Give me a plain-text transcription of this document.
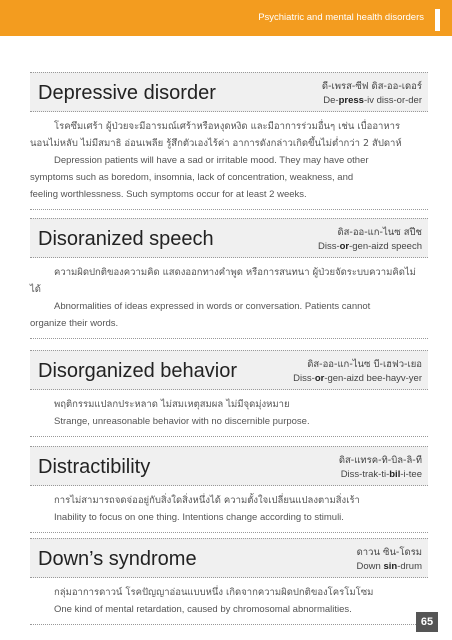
Psychiatric and mental health disorders
Depressive disorder	ดี-เพรส-ซีฟ ดิส-ออ-เดอร์
De-press-iv diss-or-der

โรคซึมเศร้า ผู้ป่วยจะมีอารมณ์เศร้าหรือหงุดหงิด และมีอาการร่วมอื่นๆ เช่น เบื่ออาหาร

นอนไม่หลับ ไม่มีสมาธิ อ่อนเพลีย รู้สึกตัวเองไร้ค่า อาการดังกล่าวเกิดขึ้นไม่ต่ำกว่า 2 สัปดาห์

Depression patients will have a sad or irritable mood. They may have other

symptoms such as boredom, insomnia, lack of concentration, weakness, and

feeling worthlessness. Such symptoms occur for at least 2 weeks.

Disoranized speech	ดิส-ออ-แก-ไนซ สปีช
Diss-or-gen-aizd speech

ความผิดปกติของความคิด แสดงออกทางคำพูด หรือการสนทนา ผู้ป่วยจัดระบบความคิดไม่

ได้

Abnormalities of ideas expressed in words or conversation. Patients cannot

organize their words.

Disorganized behavior	ดิส-ออ-แก-ไนซ บี-เฮฟว-เยอ
Diss-or-gen-aizd bee-hayv-yer

พฤติกรรมแปลกประหลาด ไม่สมเหตุสมผล ไม่มีจุดมุ่งหมาย

Strange, unreasonable behavior with no discernible purpose.

Distractibility	ดิส-แทรค-ทิ-บิล-ลิ-ที
Diss-trak-ti-bil-i-tee

การไม่สามารถจดจ่ออยู่กับสิ่งใดสิ่งหนึ่งได้ ความตั้งใจเปลี่ยนแปลงตามสิ่งเร้า

Inability to focus on one thing. Intentions change according to stimuli.

Down’s syndrome	ดาวน ซิน-โดรม
Down sin-drum

กลุ่มอาการดาวน์ โรคปัญญาอ่อนแบบหนึ่ง เกิดจากความผิดปกติของโครโมโซม

One kind of mental retardation, caused by chromosomal abnormalities.

65
